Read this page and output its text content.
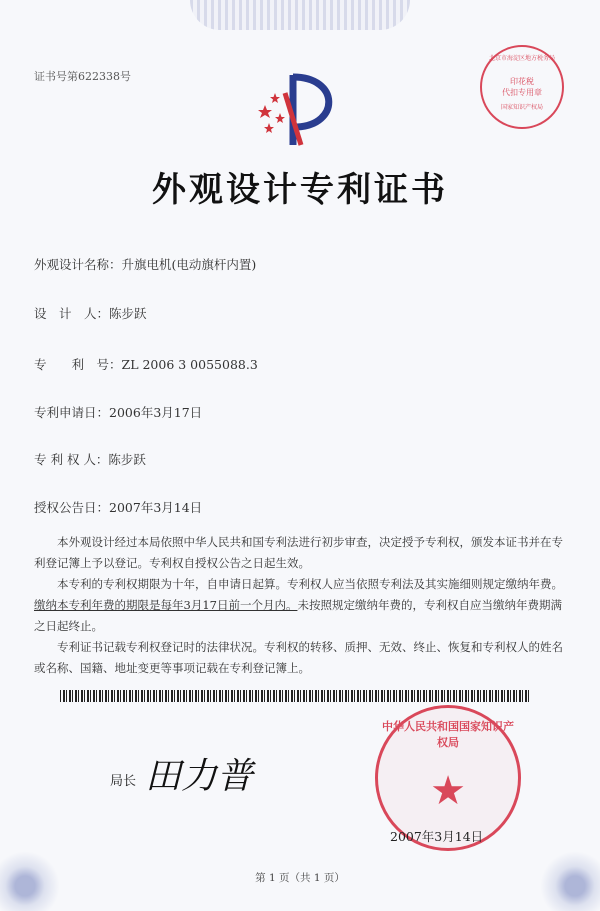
证书号第622338号
北京市海淀区地方税务局
印花税
代扣专用章
国家知识产权局
外观设计专利证书
外观设计名称：升旗电机(电动旗杆内置)
设　计　人：陈步跃
专　　利　号：ZL 2006 3 0055088.3
专利申请日：2006年3月17日
专 利 权 人：陈步跃
授权公告日：2007年3月14日

本外观设计经过本局依照中华人民共和国专利法进行初步审查，决定授予专利权，颁发本证书并在专利登记簿上予以登记。专利权自授权公告之日起生效。

本专利的专利权期限为十年，自申请日起算。专利权人应当依照专利法及其实施细则规定缴纳年费。缴纳本专利年费的期限是每年3月17日前一个月内。未按照规定缴纳年费的，专利权自应当缴纳年费期满之日起终止。

专利证书记载专利权登记时的法律状况。专利权的转移、质押、无效、终止、恢复和专利权人的姓名或名称、国籍、地址变更等事项记载在专利登记簿上。

中华人民共和国国家知识产权局
★
局长 田力普
2007年3月14日
第 1 页（共 1 页）
